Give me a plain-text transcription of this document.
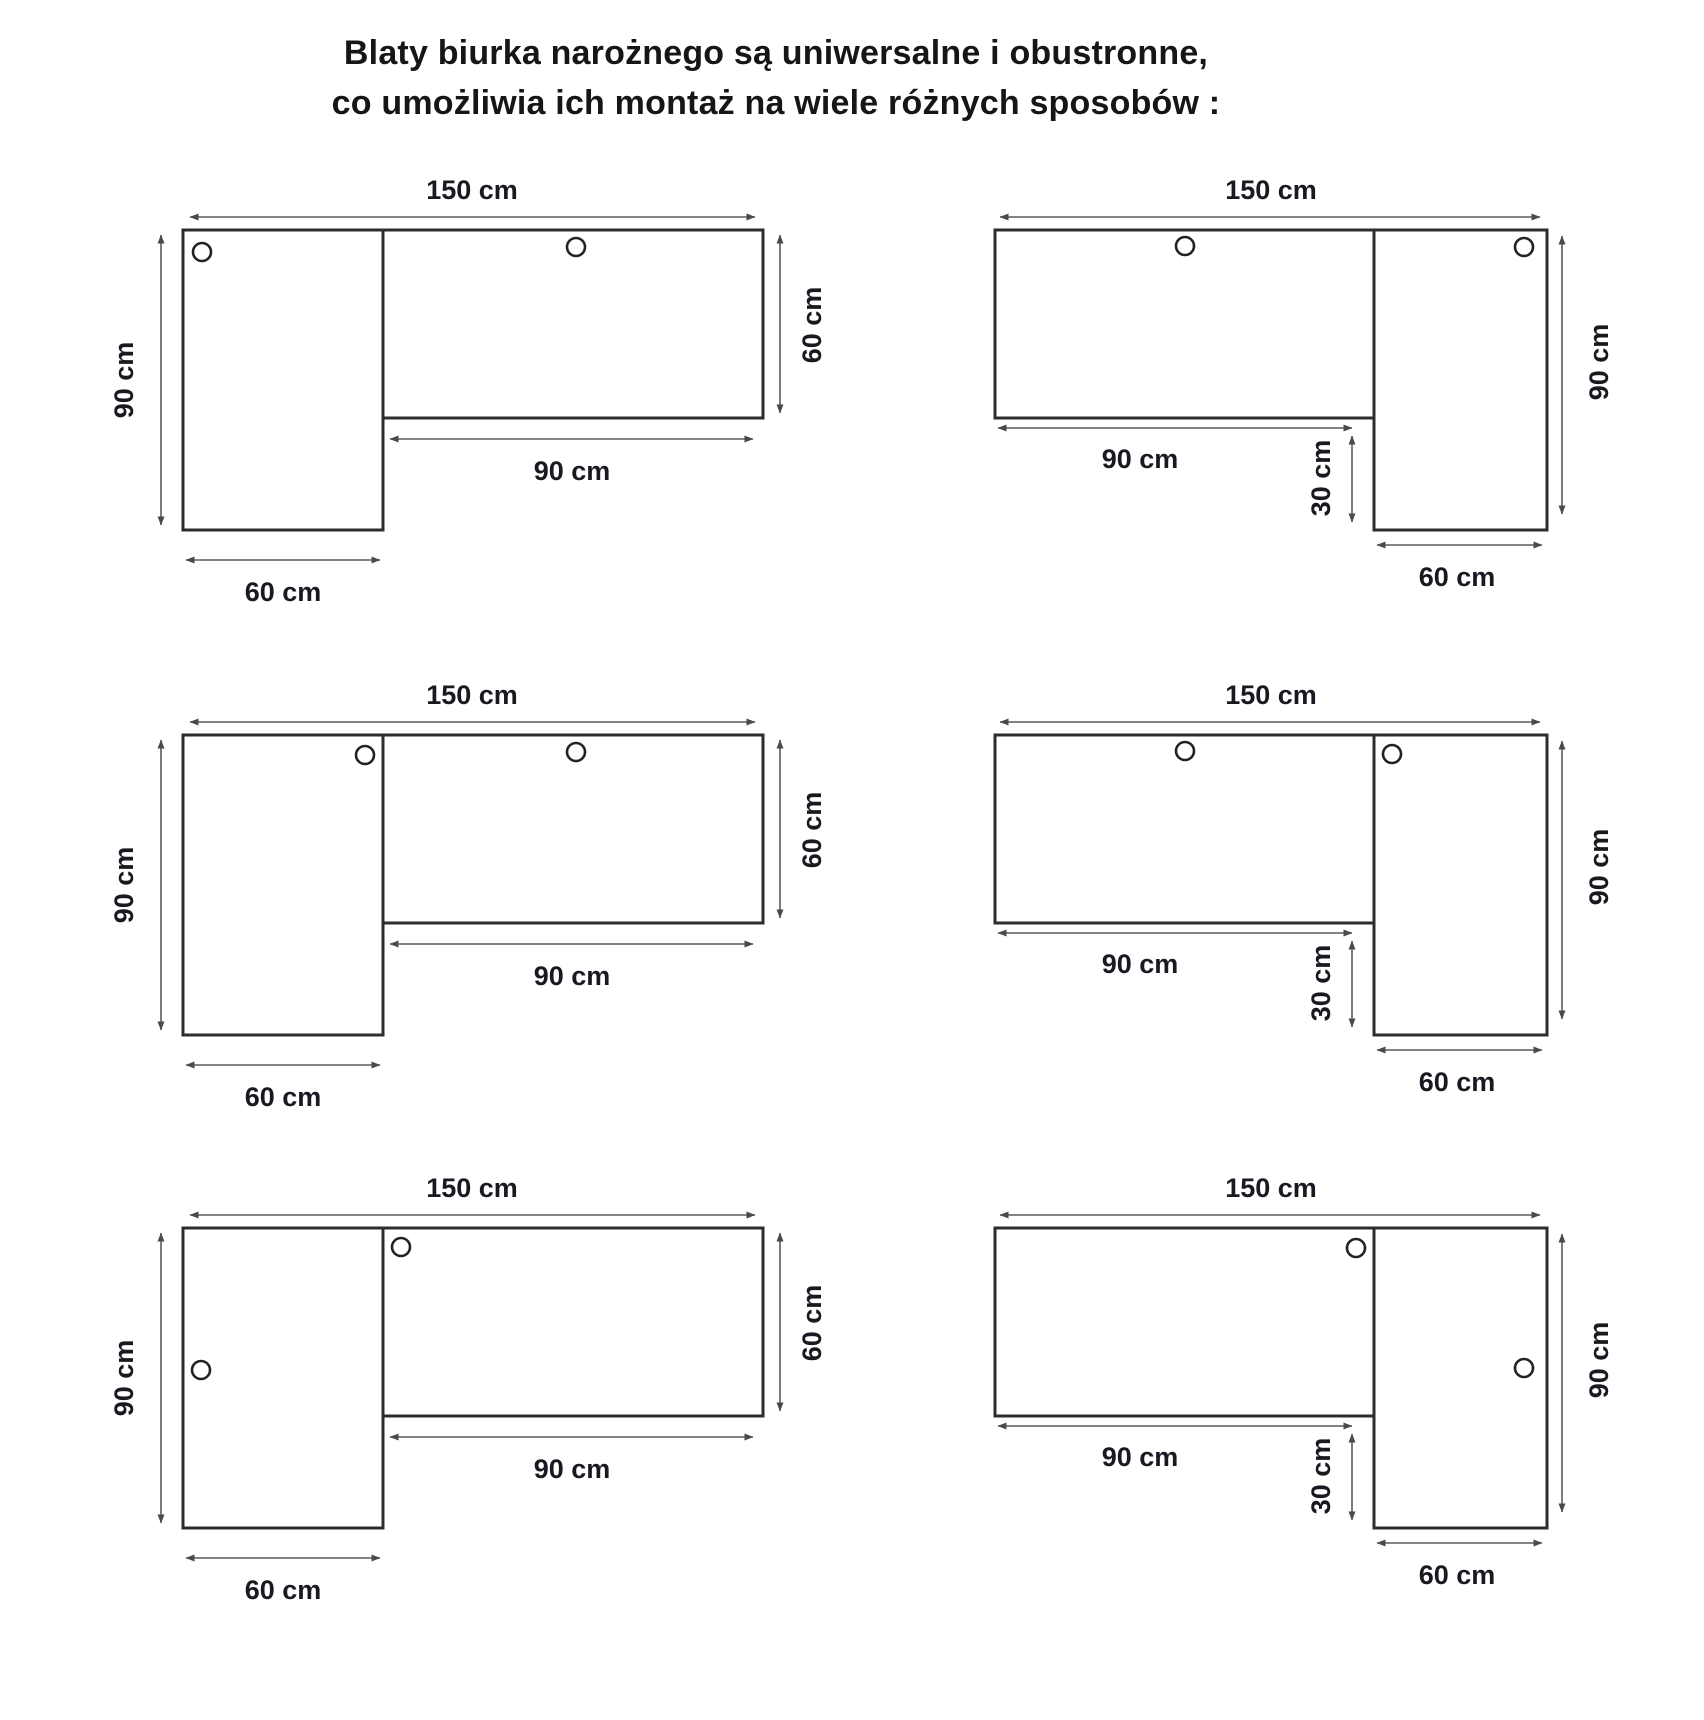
Blaty biurka narożnego są uniwersalne i obustronne,
co umożliwia ich montaż na wiele różnych sposobów :
150 cm
90 cm
60 cm
90 cm
60 cm
150 cm
90 cm
90 cm	30 cm
60 cm
150 cm
90 cm
60 cm
90 cm
60 cm
150 cm
90 cm
90 cm	30 cm
60 cm
150 cm
90 cm
60 cm
90 cm
60 cm
150 cm
90 cm
90 cm	30 cm
60 cm
